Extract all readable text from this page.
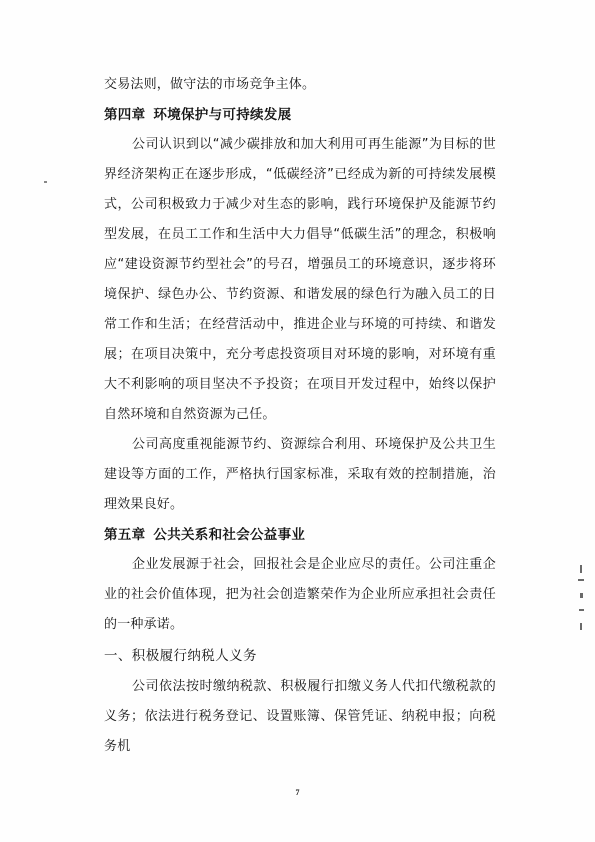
交易法则，做守法的市场竞争主体。

第四章 环境保护与可持续发展

公司认识到以“减少碳排放和加大利用可再生能源”为目标的世界经济架构正在逐步形成，“低碳经济”已经成为新的可持续发展模式，公司积极致力于减少对生态的影响，践行环境保护及能源节约型发展，在员工工作和生活中大力倡导“低碳生活”的理念，积极响应“建设资源节约型社会”的号召，增强员工的环境意识，逐步将环境保护、绿色办公、节约资源、和谐发展的绿色行为融入员工的日常工作和生活；在经营活动中，推进企业与环境的可持续、和谐发展；在项目决策中，充分考虑投资项目对环境的影响，对环境有重大不利影响的项目坚决不予投资；在项目开发过程中，始终以保护自然环境和自然资源为己任。

公司高度重视能源节约、资源综合利用、环境保护及公共卫生建设等方面的工作，严格执行国家标准，采取有效的控制措施，治理效果良好。

第五章 公共关系和社会公益事业

企业发展源于社会，回报社会是企业应尽的责任。公司注重企业的社会价值体现，把为社会创造繁荣作为企业所应承担社会责任的一种承诺。

一、积极履行纳税人义务

公司依法按时缴纳税款、积极履行扣缴义务人代扣代缴税款的义务；依法进行税务登记、设置账簿、保管凭证、纳税申报；向税务机

7
